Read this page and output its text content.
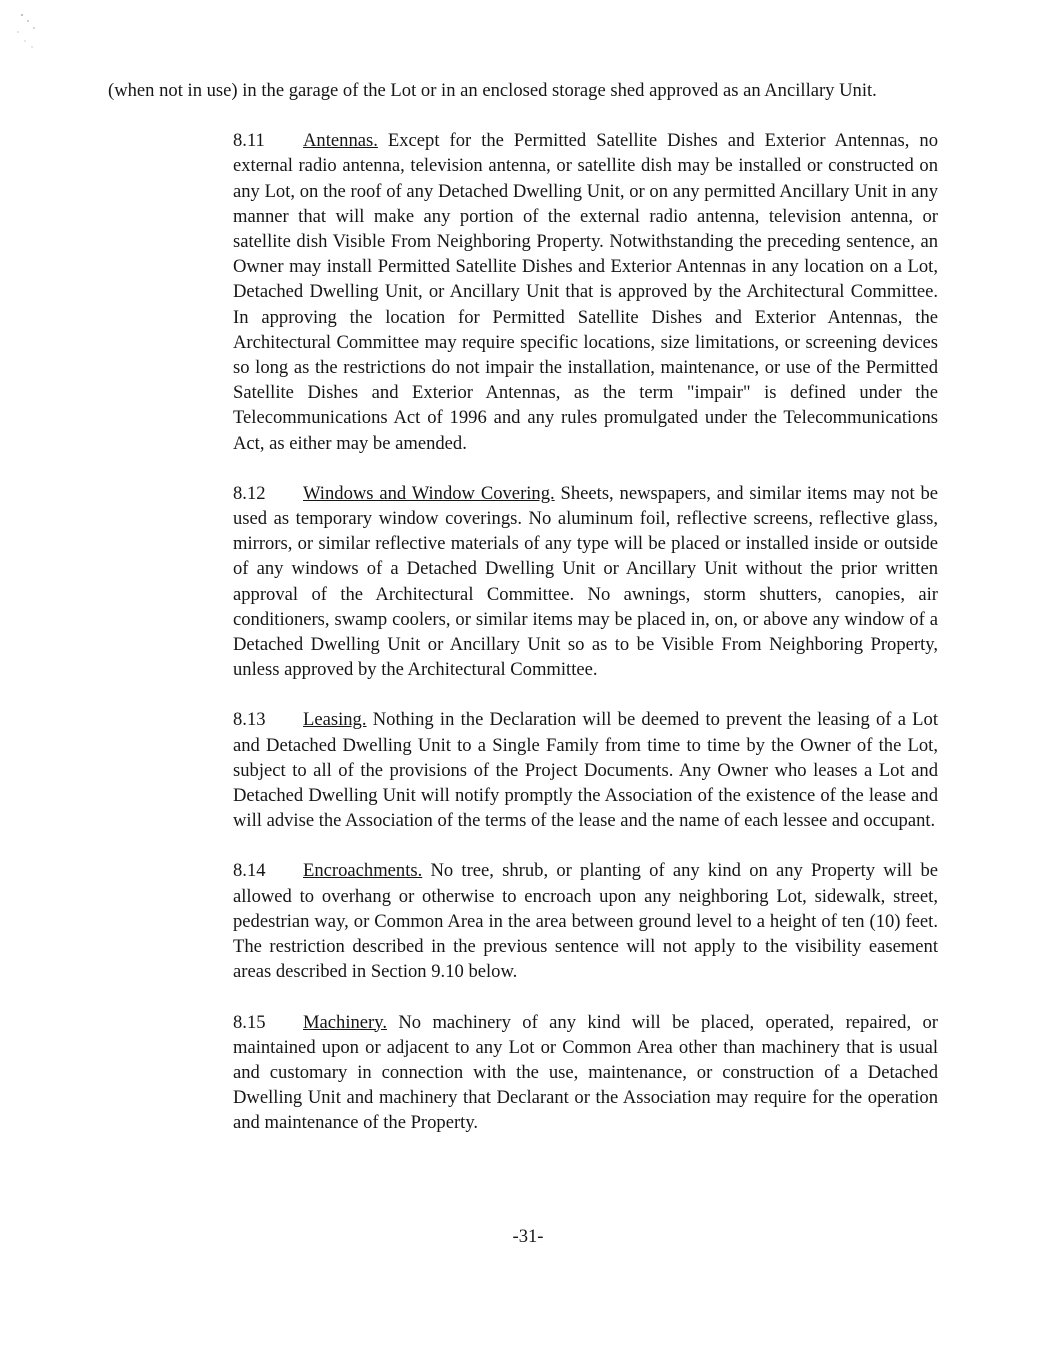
(when not in use) in the garage of the Lot or in an enclosed storage shed approved as an Ancillary Unit.

8.11 Antennas. Except for the Permitted Satellite Dishes and Exterior Antennas, no external radio antenna, television antenna, or satellite dish may be installed or constructed on any Lot, on the roof of any Detached Dwelling Unit, or on any permitted Ancillary Unit in any manner that will make any portion of the external radio antenna, television antenna, or satellite dish Visible From Neighboring Property. Notwithstanding the preceding sentence, an Owner may install Permitted Satellite Dishes and Exterior Antennas in any location on a Lot, Detached Dwelling Unit, or Ancillary Unit that is approved by the Architectural Committee. In approving the location for Permitted Satellite Dishes and Exterior Antennas, the Architectural Committee may require specific locations, size limitations, or screening devices so long as the restrictions do not impair the installation, maintenance, or use of the Permitted Satellite Dishes and Exterior Antennas, as the term "impair" is defined under the Telecommunications Act of 1996 and any rules promulgated under the Telecommunications Act, as either may be amended.

8.12 Windows and Window Covering. Sheets, newspapers, and similar items may not be used as temporary window coverings. No aluminum foil, reflective screens, reflective glass, mirrors, or similar reflective materials of any type will be placed or installed inside or outside of any windows of a Detached Dwelling Unit or Ancillary Unit without the prior written approval of the Architectural Committee. No awnings, storm shutters, canopies, air conditioners, swamp coolers, or similar items may be placed in, on, or above any window of a Detached Dwelling Unit or Ancillary Unit so as to be Visible From Neighboring Property, unless approved by the Architectural Committee.

8.13 Leasing. Nothing in the Declaration will be deemed to prevent the leasing of a Lot and Detached Dwelling Unit to a Single Family from time to time by the Owner of the Lot, subject to all of the provisions of the Project Documents. Any Owner who leases a Lot and Detached Dwelling Unit will notify promptly the Association of the existence of the lease and will advise the Association of the terms of the lease and the name of each lessee and occupant.

8.14 Encroachments. No tree, shrub, or planting of any kind on any Property will be allowed to overhang or otherwise to encroach upon any neighboring Lot, sidewalk, street, pedestrian way, or Common Area in the area between ground level to a height of ten (10) feet. The restriction described in the previous sentence will not apply to the visibility easement areas described in Section 9.10 below.

8.15 Machinery. No machinery of any kind will be placed, operated, repaired, or maintained upon or adjacent to any Lot or Common Area other than machinery that is usual and customary in connection with the use, maintenance, or construction of a Detached Dwelling Unit and machinery that Declarant or the Association may require for the operation and maintenance of the Property.

-31-
